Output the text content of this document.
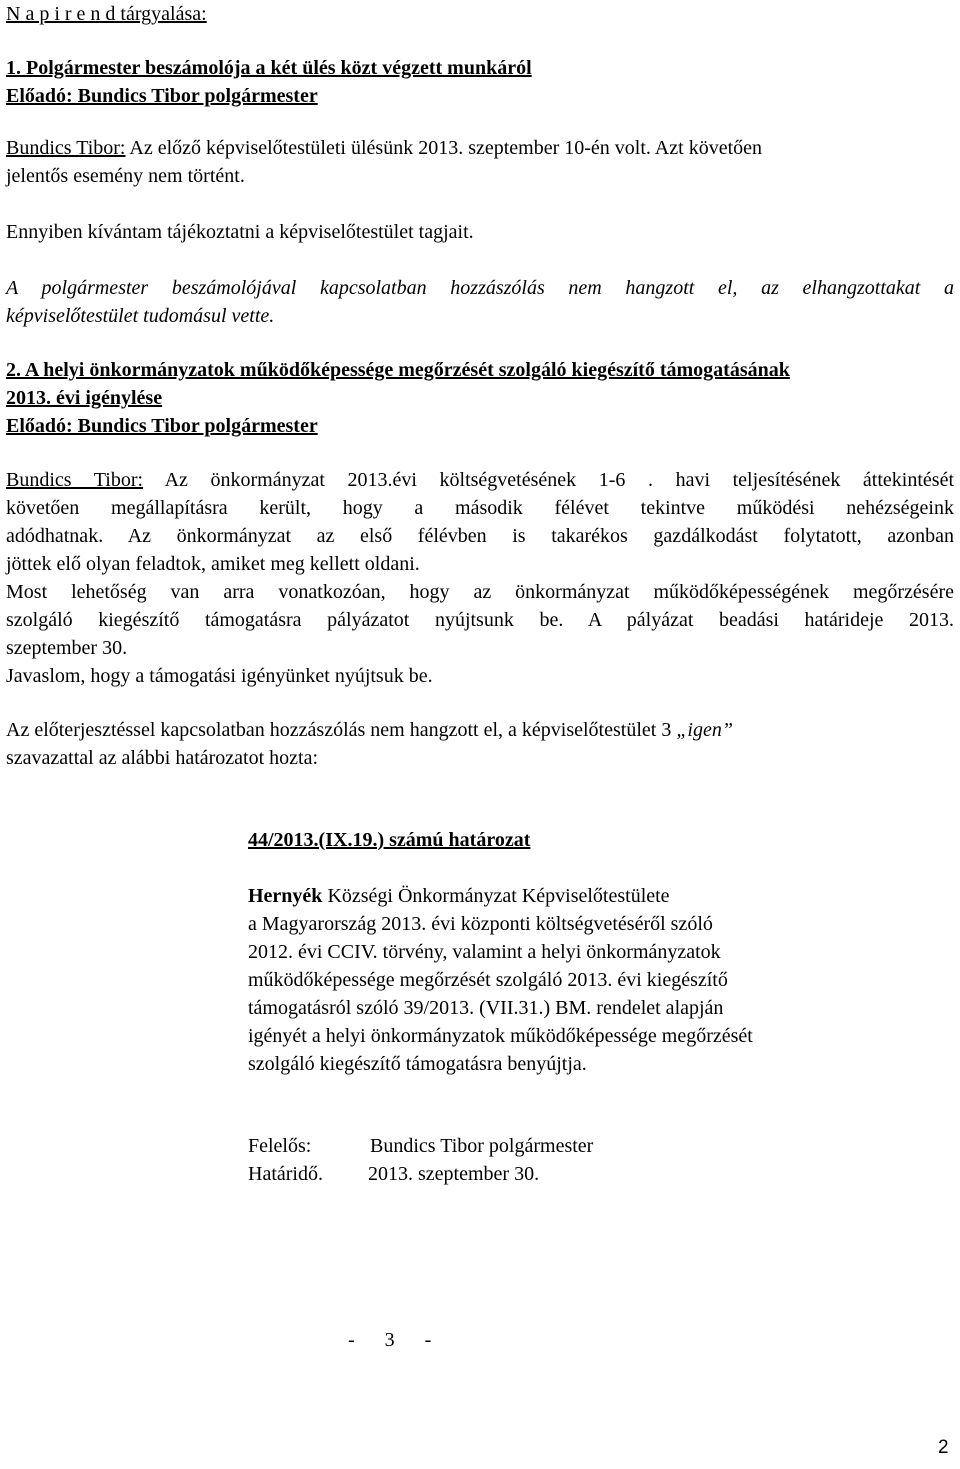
N a p i r e n d tárgyalása:
1. Polgármester beszámolója a két ülés közt végzett munkáról
Előadó: Bundics Tibor polgármester
Bundics Tibor: Az előző képviselőtestületi ülésünk 2013. szeptember 10-én volt. Azt követően
jelentős esemény nem történt.
Ennyiben kívántam tájékoztatni a képviselőtestület tagjait.
A polgármester beszámolójával kapcsolatban hozzászólás nem hangzott el, az elhangzottakat a
képviselőtestület tudomásul vette.
2. A helyi önkormányzatok működőképessége megőrzését szolgáló kiegészítő támogatásának
2013. évi igénylése
Előadó: Bundics Tibor polgármester
Bundics Tibor: Az önkormányzat 2013.évi költségvetésének 1-6 . havi teljesítésének áttekintését
követően megállapításra került, hogy a második félévet tekintve működési nehézségeink
adódhatnak. Az önkormányzat az első félévben is takarékos gazdálkodást folytatott, azonban
jöttek elő olyan feladtok, amiket meg kellett oldani.
Most lehetőség van arra vonatkozóan, hogy az önkormányzat működőképességének megőrzésére
szolgáló kiegészítő támogatásra pályázatot nyújtsunk be. A pályázat beadási határideje 2013.
szeptember 30.
Javaslom, hogy a támogatási igényünket nyújtsuk be.
Az előterjesztéssel kapcsolatban hozzászólás nem hangzott el, a képviselőtestület 3 „igen”
szavazattal az alábbi határozatot hozta:
44/2013.(IX.19.) számú határozat
Hernyék Községi Önkormányzat Képviselőtestülete
a Magyarország 2013. évi központi költségvetéséről szóló
2012. évi CCIV. törvény, valamint a helyi önkormányzatok
működőképessége megőrzését szolgáló 2013. évi kiegészítő
támogatásról szóló 39/2013. (VII.31.) BM. rendelet alapján
igényét a helyi önkormányzatok működőképessége megőrzését
szolgáló kiegészítő támogatásra benyújtja.
Felelős:	Bundics Tibor polgármester
Határidő. 2013. szeptember 30.
-      3      -
2
